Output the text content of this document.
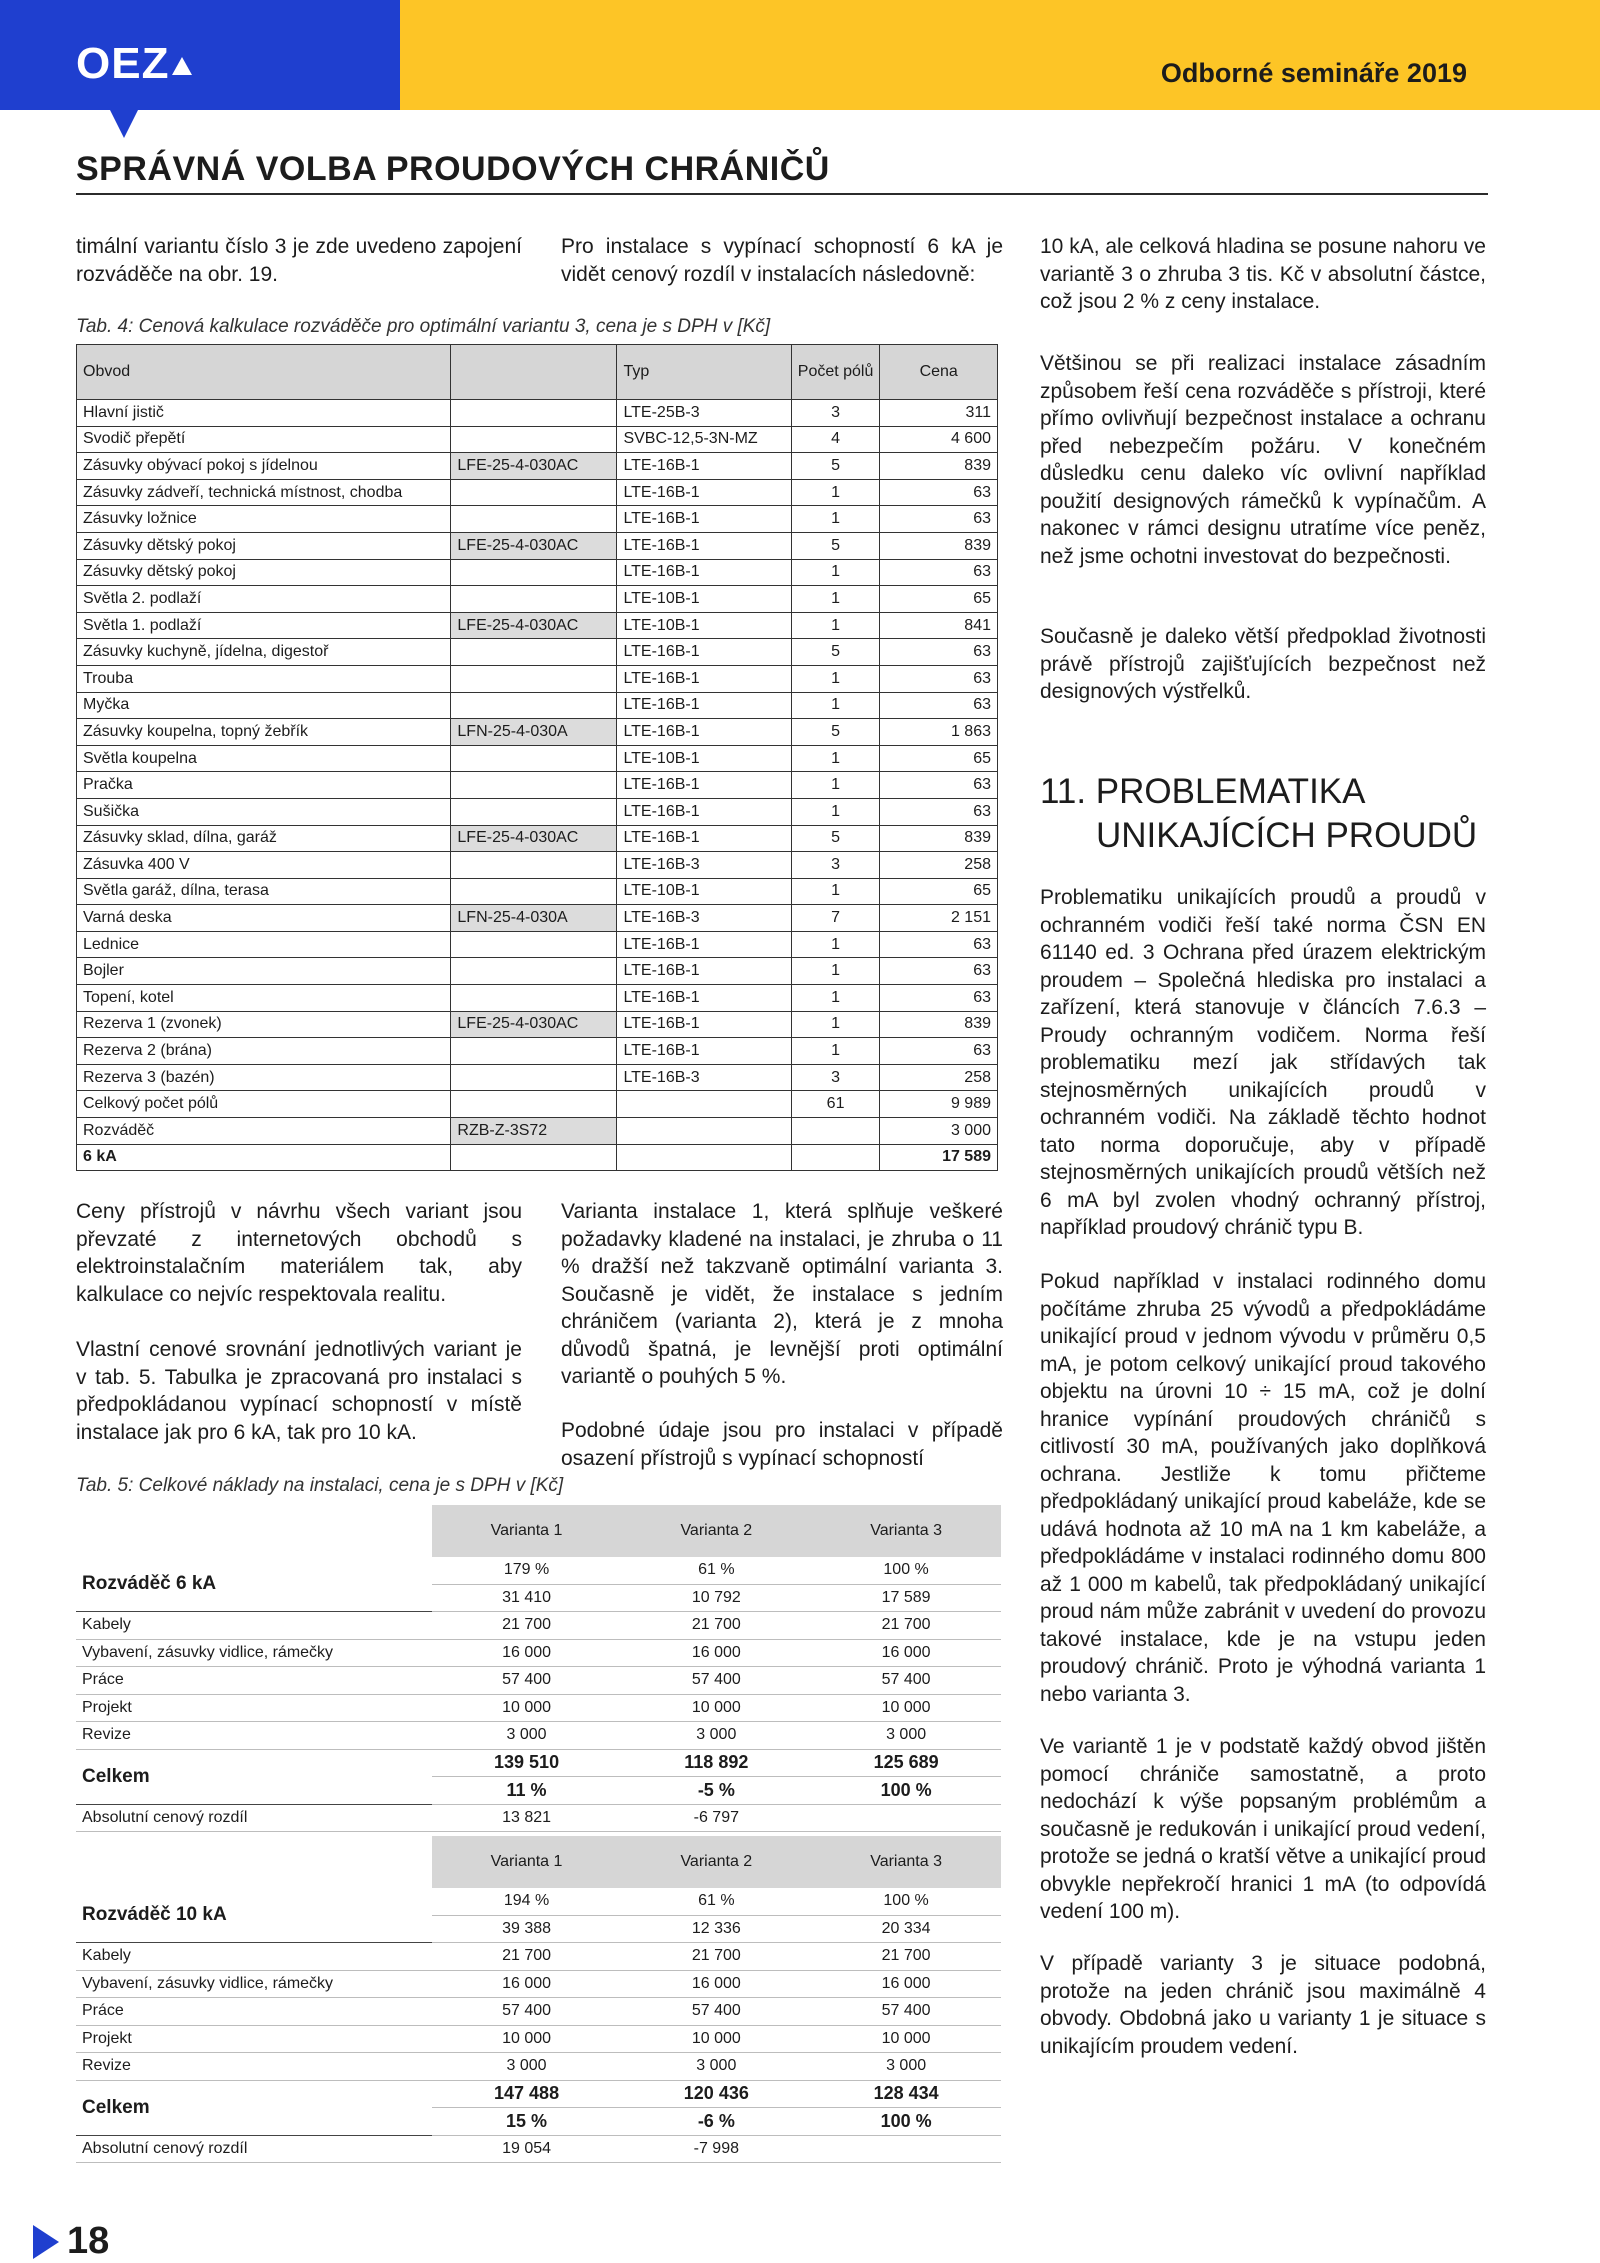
OEZ	Odborné semináře 2019
SPRÁVNÁ VOLBA PROUDOVÝCH CHRÁNIČŮ

timální variantu číslo 3 je zde uvedeno zapojení rozváděče na obr. 19.

Pro instalace s vypínací schopností 6 kA je vidět cenový rozdíl v instalacích následovně:

Tab. 4: Cenová kalkulace rozváděče pro optimální variantu 3, cena je s DPH v [Kč]

Obvod		Typ	Počet pólů	Cena
Hlavní jistič		LTE-25B-3	3	311
Svodič přepětí		SVBC-12,5-3N-MZ	4	4 600
Zásuvky obývací pokoj s jídelnou	LFE-25-4-030AC	LTE-16B-1	5	839
Zásuvky zádveří, technická místnost, chodba		LTE-16B-1	1	63
Zásuvky ložnice		LTE-16B-1	1	63
Zásuvky dětský pokoj	LFE-25-4-030AC	LTE-16B-1	5	839
Zásuvky dětský pokoj		LTE-16B-1	1	63
Světla 2. podlaží		LTE-10B-1	1	65
Světla 1. podlaží	LFE-25-4-030AC	LTE-10B-1	1	841
Zásuvky kuchyně, jídelna, digestoř		LTE-16B-1	5	63
Trouba		LTE-16B-1	1	63
Myčka		LTE-16B-1	1	63
Zásuvky koupelna, topný žebřík	LFN-25-4-030A	LTE-16B-1	5	1 863
Světla koupelna		LTE-10B-1	1	65
Pračka		LTE-16B-1	1	63
Sušička		LTE-16B-1	1	63
Zásuvky sklad, dílna, garáž	LFE-25-4-030AC	LTE-16B-1	5	839
Zásuvka 400 V		LTE-16B-3	3	258
Světla garáž, dílna, terasa		LTE-10B-1	1	65
Varná deska	LFN-25-4-030A	LTE-16B-3	7	2 151
Lednice		LTE-16B-1	1	63
Bojler		LTE-16B-1	1	63
Topení, kotel		LTE-16B-1	1	63
Rezerva 1 (zvonek)	LFE-25-4-030AC	LTE-16B-1	1	839
Rezerva 2 (brána)		LTE-16B-1	1	63
Rezerva 3 (bazén)		LTE-16B-3	3	258
Celkový počet pólů			61	9 989
Rozváděč	RZB-Z-3S72			3 000
6 kA				17 589

Ceny přístrojů v návrhu všech variant jsou převzaté z internetových obchodů s elektroinstalačním materiálem tak, aby kalkulace co nejvíc respektovala realitu.

Vlastní cenové srovnání jednotlivých variant je v tab. 5. Tabulka je zpracovaná pro instalaci s předpokládanou vypínací schopností v místě instalace jak pro 6 kA, tak pro 10 kA.

Varianta instalace 1, která splňuje veškeré požadavky kladené na instalaci, je zhruba o 11 % dražší než takzvaně optimální varianta 3. Současně je vidět, že instalace s jedním chráničem (varianta 2), která je z mnoha důvodů špatná, je levnější proti optimální variantě o pouhých 5 %.

Podobné údaje jsou pro instalaci v případě osazení přístrojů s vypínací schopností

Tab. 5: Celkové náklady na instalaci, cena je s DPH v [Kč]

	Varianta 1	Varianta 2	Varianta 3
Rozváděč 6 kA	179 %	61 %	100 %
	31 410	10 792	17 589
Kabely	21 700	21 700	21 700
Vybavení, zásuvky vidlice, rámečky	16 000	16 000	16 000
Práce	57 400	57 400	57 400
Projekt	10 000	10 000	10 000
Revize	3 000	3 000	3 000
Celkem	139 510	118 892	125 689
	11 %	-5 %	100 %
Absolutní cenový rozdíl	13 821	-6 797	
	Varianta 1	Varianta 2	Varianta 3
Rozváděč 10 kA	194 %	61 %	100 %
	39 388	12 336	20 334
Kabely	21 700	21 700	21 700
Vybavení, zásuvky vidlice, rámečky	16 000	16 000	16 000
Práce	57 400	57 400	57 400
Projekt	10 000	10 000	10 000
Revize	3 000	3 000	3 000
Celkem	147 488	120 436	128 434
	15 %	-6 %	100 %
Absolutní cenový rozdíl	19 054	-7 998	

10 kA, ale celková hladina se posune nahoru ve variantě 3 o zhruba 3 tis. Kč v absolutní částce, což jsou 2 % z ceny instalace.

Většinou se při realizaci instalace zásadním způsobem řeší cena rozváděče s přístroji, které přímo ovlivňují bezpečnost instalace a ochranu před nebezpečím požáru. V konečném důsledku cenu daleko víc ovlivní například použití designových rámečků k vypínačům. A nakonec v rámci designu utratíme více peněz, než jsme ochotni investovat do bezpečnosti.

Současně je daleko větší předpoklad životnosti právě přístrojů zajišťujících bezpečnost než designových výstřelků.

11. PROBLEMATIKA
UNIKAJÍCÍCH PROUDŮ

Problematiku unikajících proudů a proudů v ochranném vodiči řeší také norma ČSN EN 61140 ed. 3 Ochrana před úrazem elektrickým proudem – Společná hlediska pro instalaci a zařízení, která stanovuje v článcích 7.6.3 – Proudy ochranným vodičem. Norma řeší problematiku mezí jak střídavých tak stejnosměrných unikajících proudů v ochranném vodiči. Na základě těchto hodnot tato norma doporučuje, aby v případě stejnosměrných unikajících proudů větších než 6 mA byl zvolen vhodný ochranný přístroj, například proudový chránič typu B.

Pokud například v instalaci rodinného domu počítáme zhruba 25 vývodů a předpokládáme unikající proud v jednom vývodu v průměru 0,5 mA, je potom celkový unikající proud takového objektu na úrovni 10 ÷ 15 mA, což je dolní hranice vypínání proudových chráničů s citlivostí 30 mA, používaných jako doplňková ochrana. Jestliže k tomu přičteme předpokládaný unikající proud kabeláže, kde se udává hodnota až 10 mA na 1 km kabeláže, a předpokládáme v instalaci rodinného domu 800 až 1 000 m kabelů, tak předpokládaný unikající proud nám může zabránit v uvedení do provozu takové instalace, kde je na vstupu jeden proudový chránič. Proto je výhodná varianta 1 nebo varianta 3.

Ve variantě 1 je v podstatě každý obvod jištěn pomocí chrániče samostatně, a proto nedochází k výše popsaným problémům a současně je redukován i unikající proud vedení, protože se jedná o kratší větve a unikající proud obvykle nepřekročí hranici 1 mA (to odpovídá vedení 100 m).

V případě varianty 3 je situace podobná, protože na jeden chránič jsou maximálně 4 obvody. Obdobná jako u varianty 1 je situace s unikajícím proudem vedení.

18
